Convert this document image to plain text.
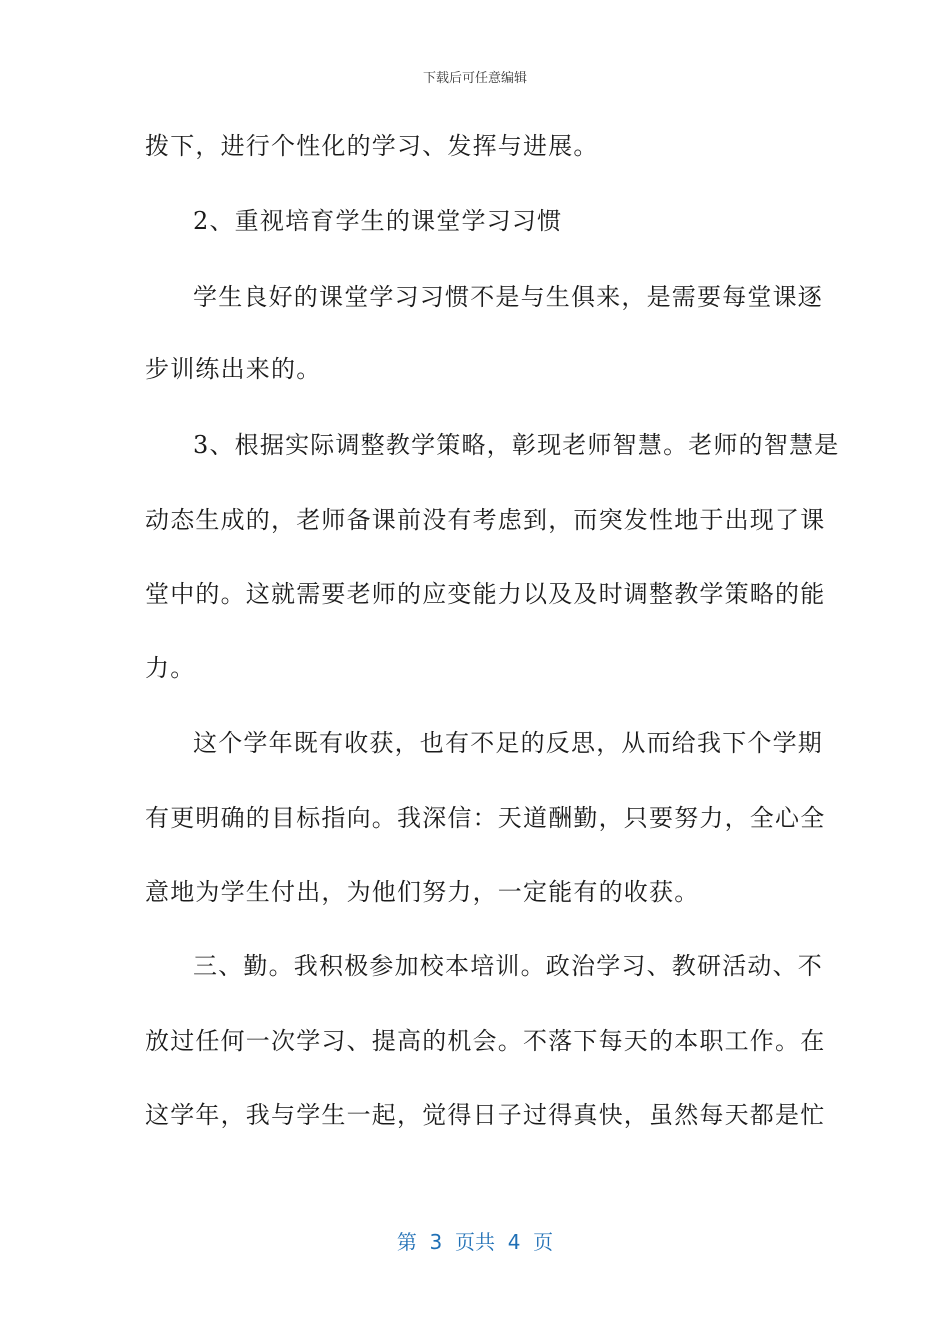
下载后可任意编辑
拨下，进行个性化的学习、发挥与进展。
2、重视培育学生的课堂学习习惯
学生良好的课堂学习习惯不是与生俱来，是需要每堂课逐
步训练出来的。
3、根据实际调整教学策略，彰现老师智慧。老师的智慧是
动态生成的，老师备课前没有考虑到，而突发性地于出现了课
堂中的。这就需要老师的应变能力以及及时调整教学策略的能
力。
这个学年既有收获，也有不足的反思，从而给我下个学期
有更明确的目标指向。我深信：天道酬勤，只要努力，全心全
意地为学生付出，为他们努力，一定能有的收获。
三、勤。我积极参加校本培训。政治学习、教研活动、不
放过任何一次学习、提高的机会。不落下每天的本职工作。在
这学年，我与学生一起，觉得日子过得真快，虽然每天都是忙
第  3  页共  4  页
